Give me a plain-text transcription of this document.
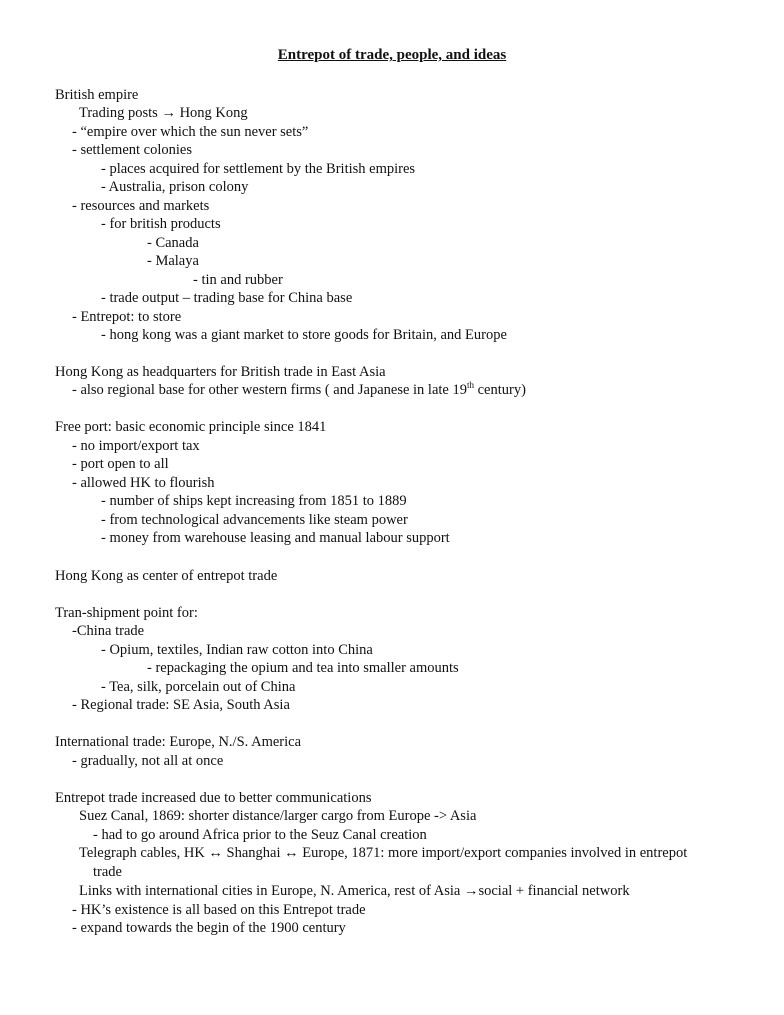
Entrepot of trade, people, and ideas
British empire
Trading posts → Hong Kong
- “empire over which the sun never sets”
- settlement colonies
- places acquired for settlement by the British empires
- Australia, prison colony
- resources and markets
- for british products
- Canada
- Malaya
- tin and rubber
- trade output – trading base for China base
- Entrepot: to store
- hong kong was a giant market to store goods for Britain, and Europe
Hong Kong as headquarters for British trade in East Asia
- also regional base for other western firms ( and Japanese in late 19th century)
Free port: basic economic principle since 1841
- no import/export tax
- port open to all
- allowed HK to flourish
- number of ships kept increasing from 1851 to 1889
- from technological advancements like steam power
- money from warehouse leasing and manual labour support
Hong Kong as center of entrepot trade
Tran-shipment point for:
-China trade
- Opium, textiles, Indian raw cotton into China
- repackaging the opium and tea into smaller amounts
- Tea, silk, porcelain out of China
- Regional trade: SE Asia, South Asia
International trade: Europe, N./S. America
- gradually, not all at once
Entrepot trade increased due to better communications
Suez Canal, 1869: shorter distance/larger cargo from Europe -> Asia
- had to go around Africa prior to the Seuz Canal creation
Telegraph cables, HK ↔ Shanghai ↔ Europe, 1871: more import/export companies involved in entrepot
trade
Links with international cities in Europe, N. America, rest of Asia →social + financial network
- HK’s existence is all based on this Entrepot trade
- expand towards the begin of the 1900 century
